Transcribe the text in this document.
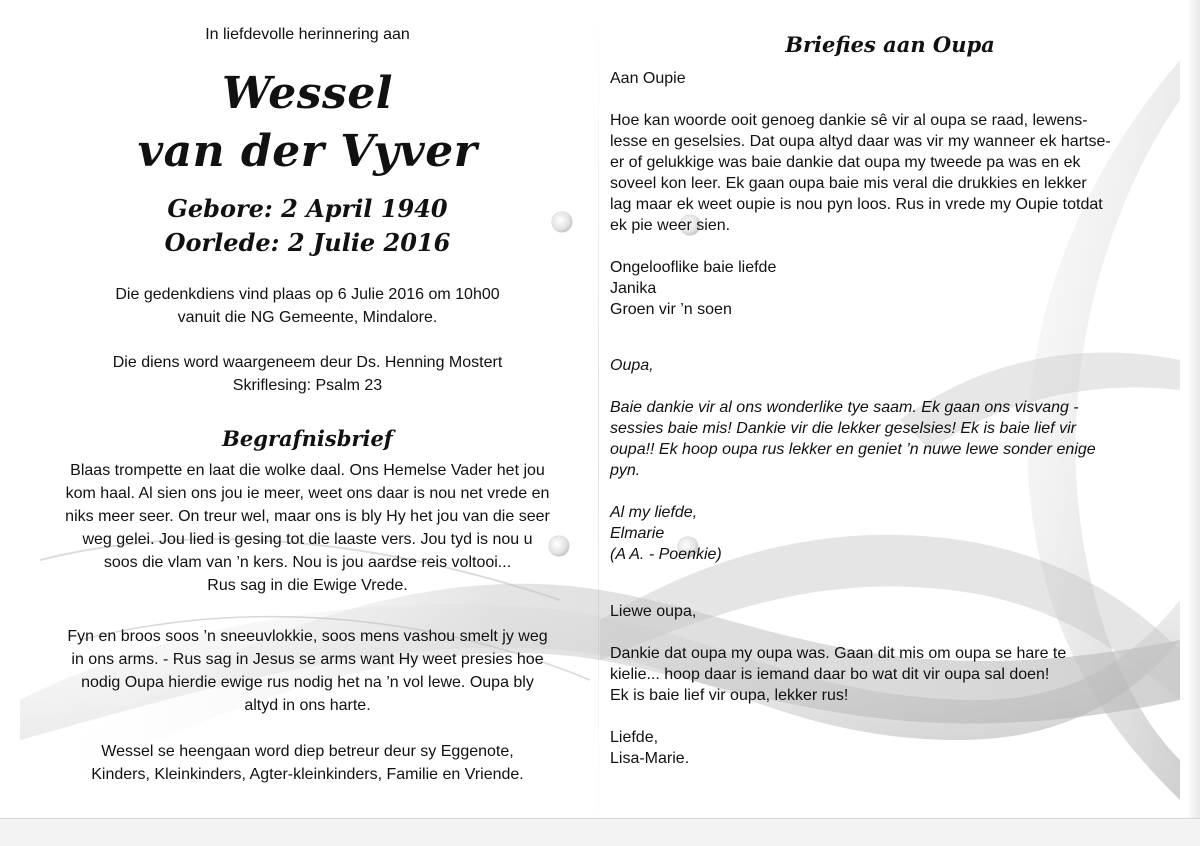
In liefdevolle herinnering aan
Wessel
van der Vyver
Gebore: 2 April 1940
Oorlede: 2 Julie 2016
Die gedenkdiens vind plaas op 6 Julie 2016 om 10h00
vanuit die NG Gemeente, Mindalore.
Die diens word waargeneem deur Ds. Henning Mostert
Skriflesing: Psalm 23
Begrafnisbrief
Blaas trompette en laat die wolke daal. Ons Hemelse Vader het jou
kom haal. Al sien ons jou ie meer, weet ons daar is nou net vrede en
niks meer seer. On treur wel, maar ons is bly Hy het jou van die seer
weg gelei. Jou lied is gesing tot die laaste vers. Jou tyd is nou u
soos die vlam van ’n kers. Nou is jou aardse reis voltooi...
Rus sag in die Ewige Vrede.
Fyn en broos soos ’n sneeuvlokkie, soos mens vashou smelt jy weg
in ons arms. - Rus sag in Jesus se arms want Hy weet presies hoe
nodig Oupa hierdie ewige rus nodig het na ’n vol lewe. Oupa bly
altyd in ons harte.
Wessel se heengaan word diep betreur deur sy Eggenote,
Kinders, Kleinkinders, Agter-kleinkinders, Familie en Vriende.
Briefies aan Oupa
Aan Oupie
Hoe kan woorde ooit genoeg dankie sê vir al oupa se raad, lewens-
lesse en geselsies. Dat oupa altyd daar was vir my wanneer ek hartse-
er of gelukkige was baie dankie dat oupa my tweede pa was en ek
soveel kon leer. Ek gaan oupa baie mis veral die drukkies en lekker
lag maar ek weet oupie is nou pyn loos. Rus in vrede my Oupie totdat
ek pie weer sien.
Ongelooflike baie liefde
Janika
Groen vir ’n soen
Oupa,
Baie dankie vir al ons wonderlike tye saam. Ek gaan ons visvang -
sessies baie mis! Dankie vir die lekker geselsies! Ek is baie lief vir
oupa!! Ek hoop oupa rus lekker en geniet ’n nuwe lewe sonder enige
pyn.
Al my liefde,
Elmarie
(A A. - Poenkie)
Liewe oupa,
Dankie dat oupa my oupa was. Gaan dit mis om oupa se hare te
kielie... hoop daar is iemand daar bo wat dit vir oupa sal doen!
Ek is baie lief vir oupa, lekker rus!
Liefde,
Lisa-Marie.
